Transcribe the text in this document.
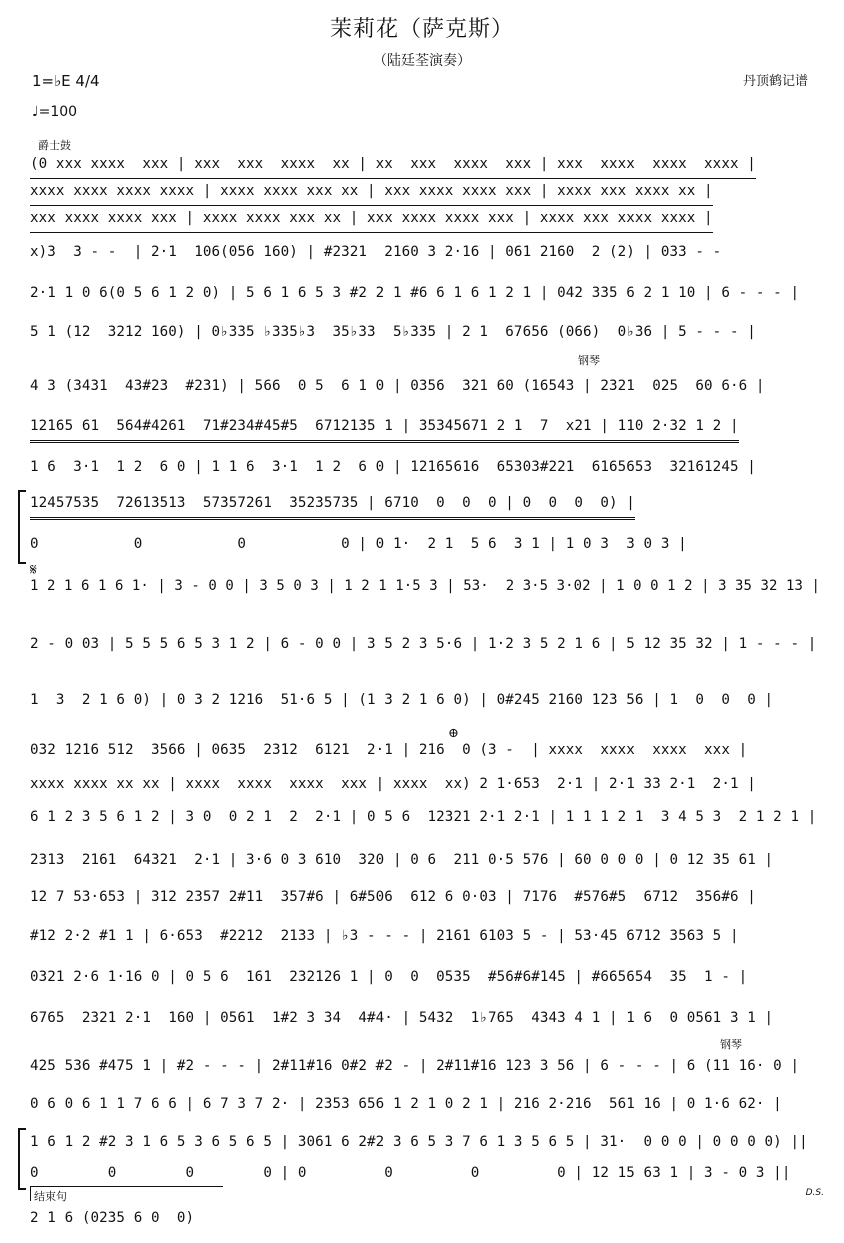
茉莉花（萨克斯）
（陆廷荃演奏）
1=♭E 4/4	丹顶鹤记谱
♩=100
爵士鼓
钢琴
钢琴
𝄋
⊕
结束句	D.S.
(0 xxx xxxx  xxx | xxx  xxx  xxxx  xx | xx  xxx  xxxx  xxx | xxx  xxxx  xxxx  xxxx |
xxxx xxxx xxxx xxxx | xxxx xxxx xxx xx | xxx xxxx xxxx xxx | xxxx xxx xxxx xx |
xxx xxxx xxxx xxx | xxxx xxxx xxx xx | xxx xxxx xxxx xxx | xxxx xxx xxxx xxxx |
x)3  3 - -  | 2·1  106(056 160) | #2321  2160 3 2·16 | 061 2160  2 (2) | 033 - -
2·1 1 0 6(0 5 6 1 2 0) | 5 6 1 6 5 3 #2 2 1 #6 6 1 6 1 2 1 | 042 335 6 2 1 10 | 6 - - - |
5 1 (12  3212 160) | 0♭335 ♭335♭3  35♭33  5♭335 | 2 1  67656 (066)  0♭36 | 5 - - - |
4 3 (3431  43#23  #231) | 566  0 5  6 1 0 | 0356  321 60 (16543 | 2321  025  60 6·6 |
12165 61  564#4261  71#234#45#5  6712135 1 | 35345671 2 1  7  x21 | 110 2·32 1 2 |
1 6  3·1  1 2  6 0 | 1 1 6  3·1  1 2  6 0 | 12165616  65303#221  6165653  32161245 |
12457535  72613513  57357261  35235735 | 6710  0  0  0 | 0  0  0  0) |
0           0           0           0 | 0 1·  2 1  5 6  3 1 | 1 0 3  3 0 3 |
1 2 1 6 1 6 1· | 3 - 0 0 | 3 5 0 3 | 1 2 1 1·5 3 | 53·  2 3·5 3·02 | 1 0 0 1 2 | 3 35 32 13 |
2 - 0 03 | 5 5 5 6 5 3 1 2 | 6 - 0 0 | 3 5 2 3 5·6 | 1·2 3 5 2 1 6 | 5 12 35 32 | 1 - - - |
1  3  2 1 6 0) | 0 3 2 1216  51·6 5 | (1 3 2 1 6 0) | 0#245 2160 123 56 | 1  0  0  0 |
032 1216 512  3566 | 0635  2312  6121  2·1 | 216  0 (3 -  | xxxx  xxxx  xxxx  xxx |
xxxx xxxx xx xx | xxxx  xxxx  xxxx  xxx | xxxx  xx) 2 1·653  2·1 | 2·1 33 2·1  2·1 |
6 1 2 3 5 6 1 2 | 3 0  0 2 1  2  2·1 | 0 5 6  12321 2·1 2·1 | 1 1 1 2 1  3 4 5 3  2 1 2 1 |
2313  2161  64321  2·1 | 3·6 0 3 610  320 | 0 6  211 0·5 576 | 60 0 0 0 | 0 12 35 61 |
12 7 53·653 | 312 2357 2#11  357#6 | 6#506  612 6 0·03 | 7176  #576#5  6712  356#6 |
#12 2·2 #1 1 | 6·653  #2212  2133 | ♭3 - - - | 2161 6103 5 - | 53·45 6712 3563 5 |
0321 2·6 1·16 0 | 0 5 6  161  232126 1 | 0  0  0535  #56#6#145 | #665654  35  1 - |
6765  2321 2·1  160 | 0561  1#2 3 34  4#4· | 5432  1♭765  4343 4 1 | 1 6  0 0561 3 1 |
425 536 #475 1 | #2 - - - | 2#11#16 0#2 #2 - | 2#11#16 123 3 56 | 6 - - - | 6 (11 16· 0 |
0 6 0 6 1 1 7 6 6 | 6 7 3 7 2· | 2353 656 1 2 1 0 2 1 | 216 2·216  561 16 | 0 1·6 62· |
1 6 1 2 #2 3 1 6 5 3 6 5 6 5 | 3061 6 2#2 3 6 5 3 7 6 1 3 5 6 5 | 31·  0 0 0 | 0 0 0 0) ||
0        0        0        0 | 0         0         0         0 | 12 15 63 1 | 3 - 0 3 ||
2 1 6 (0235 6 0  0)
